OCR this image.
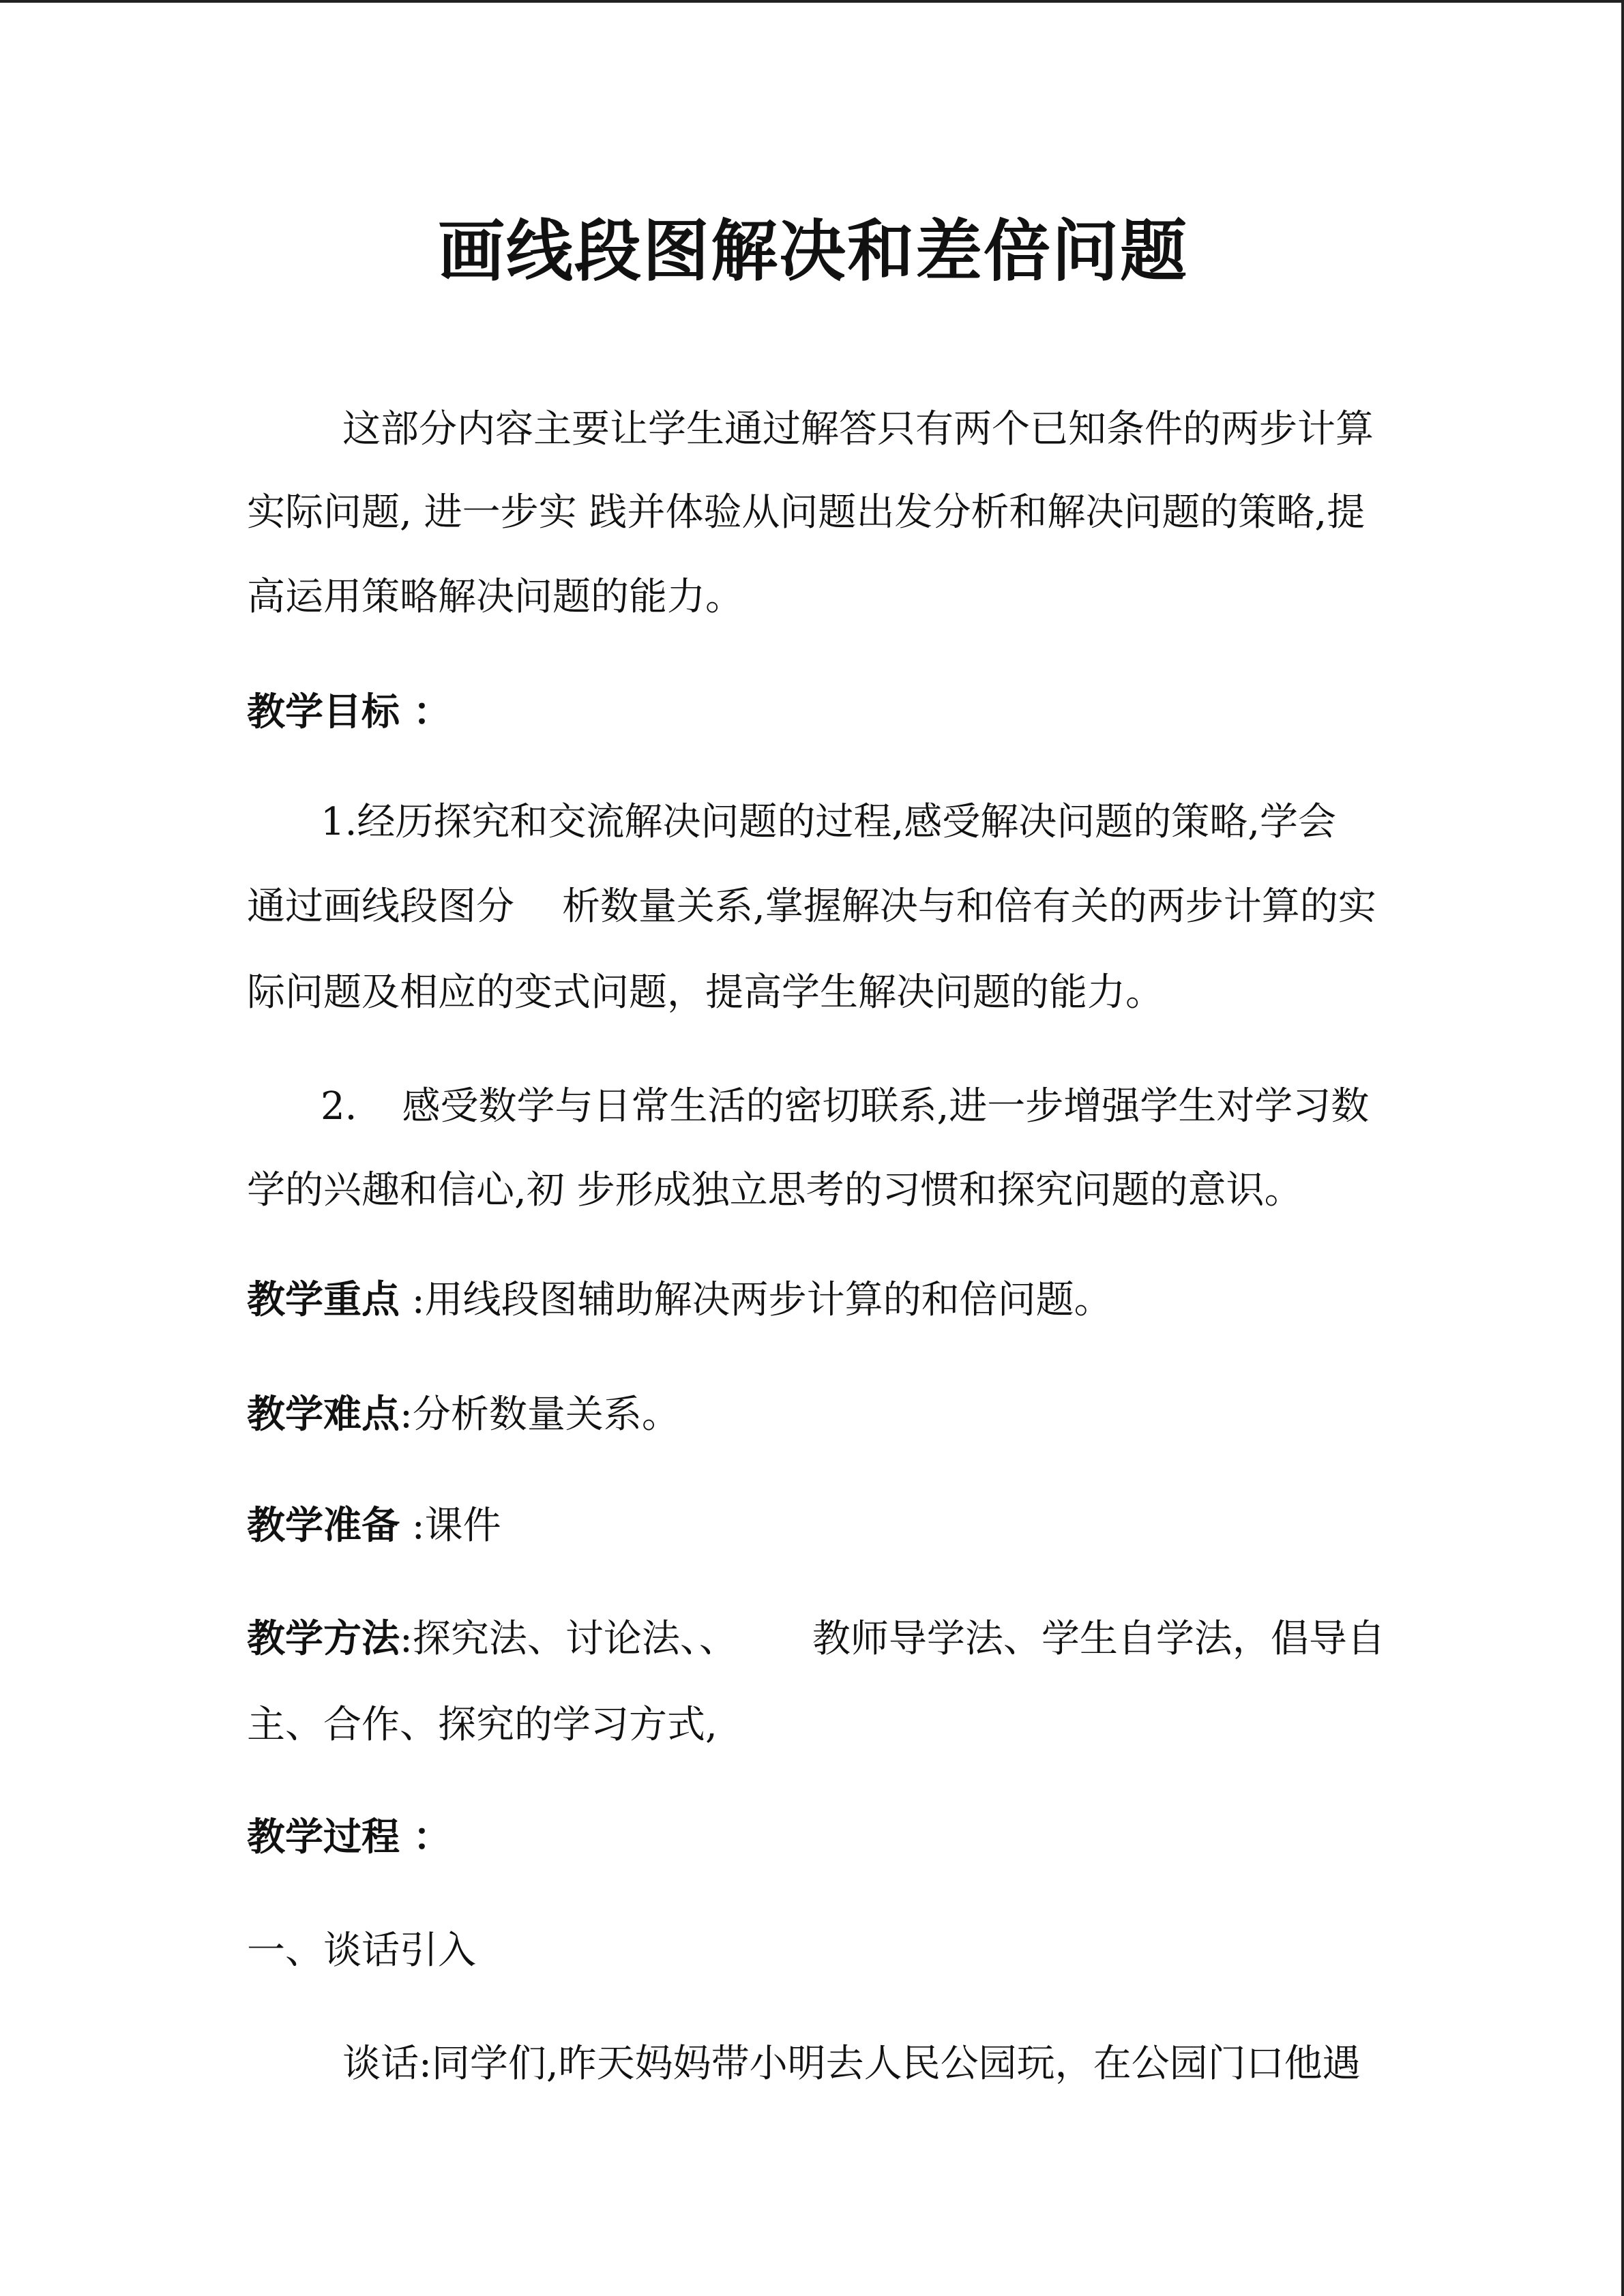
画线段图解决和差倍问题
这部分内容主要让学生通过解答只有两个已知条件的两步计算
实际问题, 进一步实 践并体验从问题出发分析和解决问题的策略,提
高运用策略解决问题的能力。
教学目标 ：
1.经历探究和交流解决问题的过程,感受解决问题的策略,学会
通过画线段图分 析数量关系,掌握解决与和倍有关的两步计算的实
际问题及相应的变式问题，提高学生解决问题的能力。
2. 感受数学与日常生活的密切联系,进一步增强学生对学习数
学的兴趣和信心,初 步形成独立思考的习惯和探究问题的意识。
教学重点 :用线段图辅助解决两步计算的和倍问题。
教学难点:分析数量关系。
教学准备 :课件
教学方法:探究法、讨论法、、 教师导学法、学生自学法，倡导自
主、合作、探究的学习方式,
教学过程 ：
一、谈话引入
谈话:同学们,昨天妈妈带小明去人民公园玩，在公园门口他遇
